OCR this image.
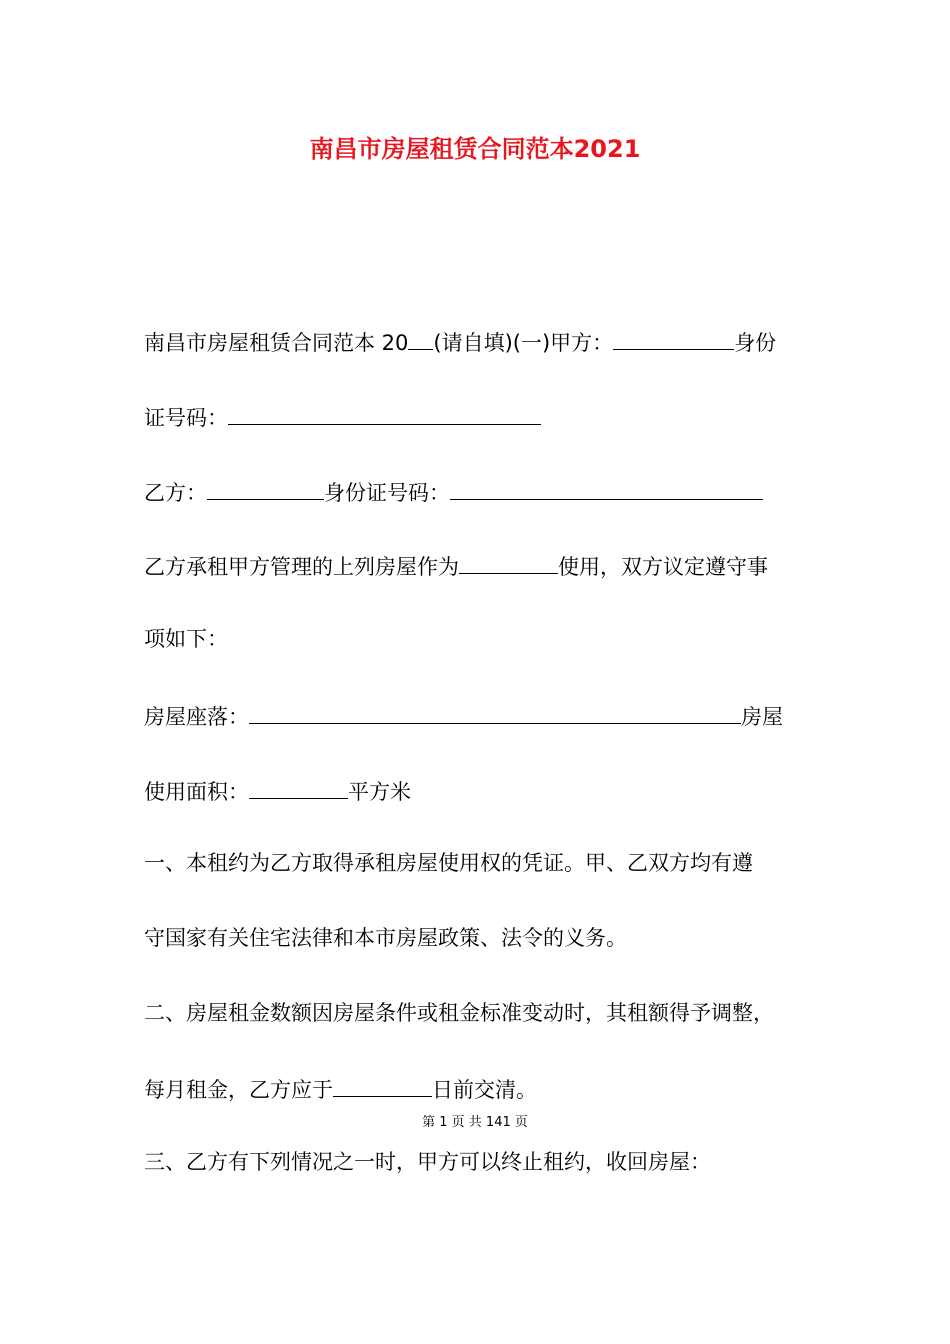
南昌市房屋租赁合同范本2021
南昌市房屋租赁合同范本 20 (请自填)(一)甲方：	身份
证号码：
乙方：	身份证号码：
乙方承租甲方管理的上列房屋作为	使用，双方议定遵守事
项如下：
房屋座落：	房屋
使用面积：	平方米
一、本租约为乙方取得承租房屋使用权的凭证。甲、乙双方均有遵
守国家有关住宅法律和本市房屋政策、法令的义务。
二、房屋租金数额因房屋条件或租金标准变动时，其租额得予调整，
每月租金，乙方应于	日前交清。
第 1 页 共 141 页
三、乙方有下列情况之一时，甲方可以终止租约，收回房屋：
